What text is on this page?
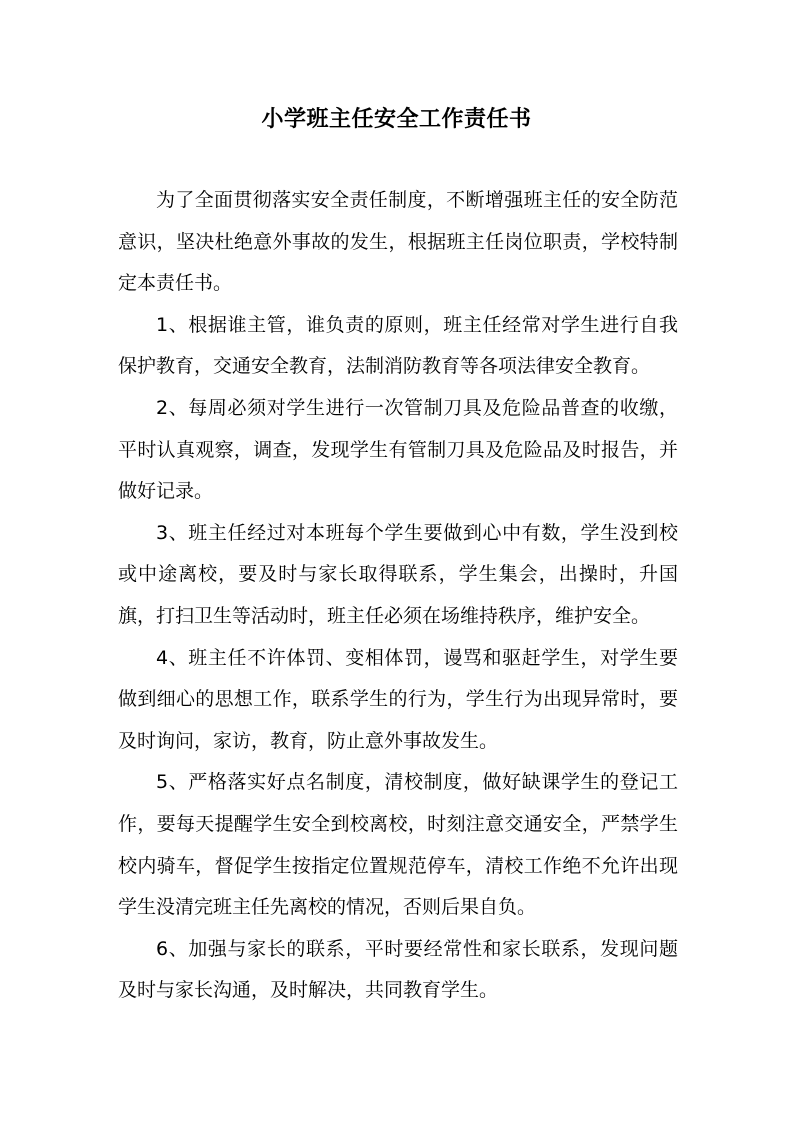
小学班主任安全工作责任书

为了全面贯彻落实安全责任制度，不断增强班主任的安全防范意识，坚决杜绝意外事故的发生，根据班主任岗位职责，学校特制定本责任书。

1、根据谁主管，谁负责的原则，班主任经常对学生进行自我保护教育，交通安全教育，法制消防教育等各项法律安全教育。

2、每周必须对学生进行一次管制刀具及危险品普查的收缴，平时认真观察，调查，发现学生有管制刀具及危险品及时报告，并做好记录。

3、班主任经过对本班每个学生要做到心中有数，学生没到校或中途离校，要及时与家长取得联系，学生集会，出操时，升国旗，打扫卫生等活动时，班主任必须在场维持秩序，维护安全。

4、班主任不许体罚、变相体罚，谩骂和驱赶学生，对学生要做到细心的思想工作，联系学生的行为，学生行为出现异常时，要及时询问，家访，教育，防止意外事故发生。

5、严格落实好点名制度，清校制度，做好缺课学生的登记工作，要每天提醒学生安全到校离校，时刻注意交通安全，严禁学生校内骑车，督促学生按指定位置规范停车，清校工作绝不允许出现学生没清完班主任先离校的情况，否则后果自负。

6、加强与家长的联系，平时要经常性和家长联系，发现问题及时与家长沟通，及时解决，共同教育学生。
